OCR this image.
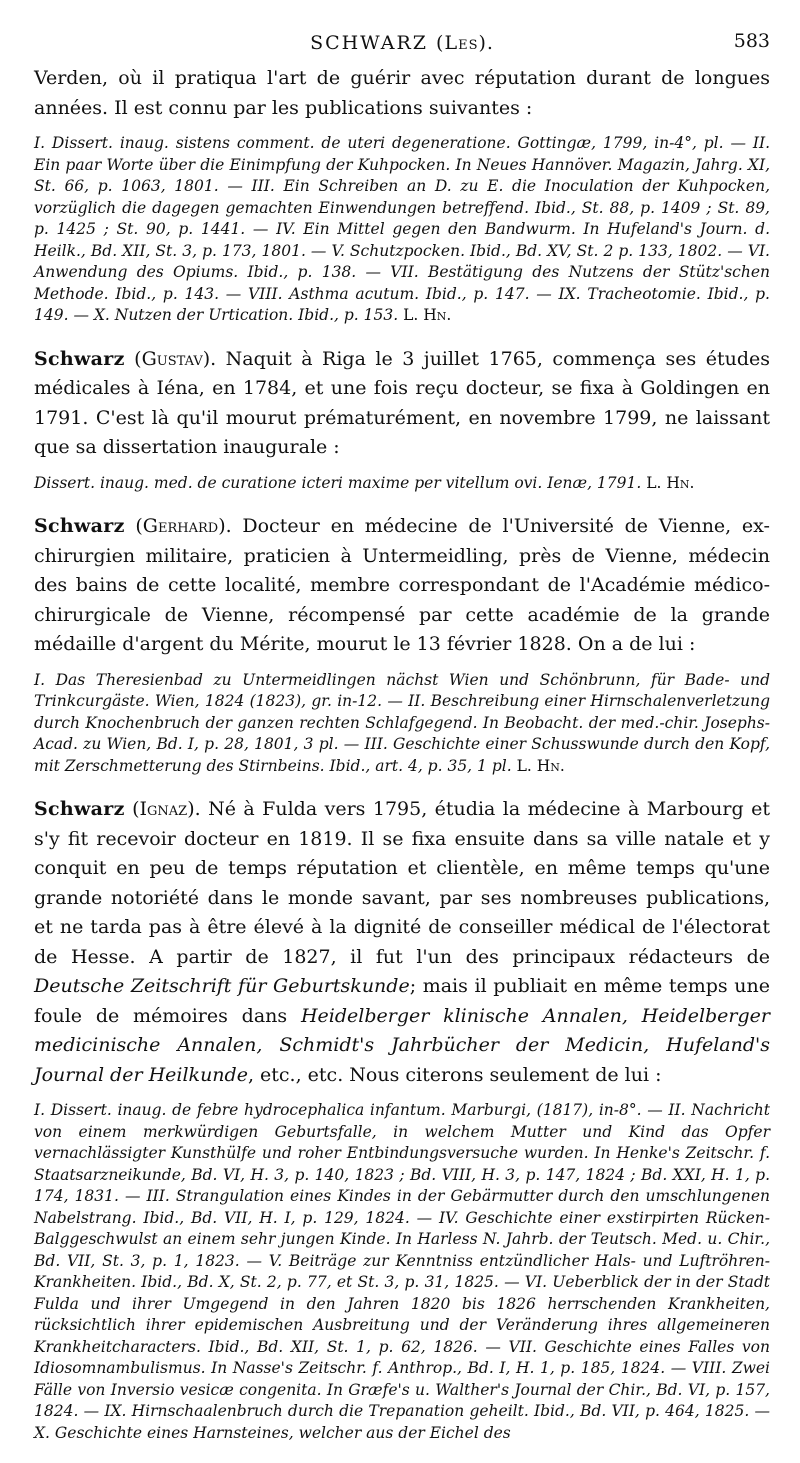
SCHWARZ (Les).	583

Verden, où il pratiqua l'art de guérir avec réputation durant de longues années. Il est connu par les publications suivantes :

I. Dissert. inaug. sistens comment. de uteri degeneratione. Gottingæ, 1799, in-4°, pl. — II. Ein paar Worte über die Einimpfung der Kuhpocken. In Neues Hannöver. Magazin, Jahrg. XI, St. 66, p. 1063, 1801. — III. Ein Schreiben an D. zu E. die Inoculation der Kuhpocken, vorzüglich die dagegen gemachten Einwendungen betreffend. Ibid., St. 88, p. 1409 ; St. 89, p. 1425 ; St. 90, p. 1441. — IV. Ein Mittel gegen den Bandwurm. In Hufeland's Journ. d. Heilk., Bd. XII, St. 3, p. 173, 1801. — V. Schutzpocken. Ibid., Bd. XV, St. 2 p. 133, 1802. — VI. Anwendung des Opiums. Ibid., p. 138. — VII. Bestätigung des Nutzens der Stütz'schen Methode. Ibid., p. 143. — VIII. Asthma acutum. Ibid., p. 147. — IX. Tracheotomie. Ibid., p. 149. — X. Nutzen der Urtication. Ibid., p. 153. L. Hn.

Schwarz (Gustav). Naquit à Riga le 3 juillet 1765, commença ses études médicales à Iéna, en 1784, et une fois reçu docteur, se fixa à Goldingen en 1791. C'est là qu'il mourut prématurément, en novembre 1799, ne laissant que sa dissertation inaugurale :

Dissert. inaug. med. de curatione icteri maxime per vitellum ovi. Ienæ, 1791. L. Hn.

Schwarz (Gerhard). Docteur en médecine de l'Université de Vienne, ex-chirurgien militaire, praticien à Untermeidling, près de Vienne, médecin des bains de cette localité, membre correspondant de l'Académie médico-chirurgicale de Vienne, récompensé par cette académie de la grande médaille d'argent du Mérite, mourut le 13 février 1828. On a de lui :

I. Das Theresienbad zu Untermeidlingen nächst Wien und Schönbrunn, für Bade- und Trinkcurgäste. Wien, 1824 (1823), gr. in-12. — II. Beschreibung einer Hirnschalenverletzung durch Knochenbruch der ganzen rechten Schlafgegend. In Beobacht. der med.-chir. Josephs-Acad. zu Wien, Bd. I, p. 28, 1801, 3 pl. — III. Geschichte einer Schusswunde durch den Kopf, mit Zerschmetterung des Stirnbeins. Ibid., art. 4, p. 35, 1 pl. L. Hn.

Schwarz (Ignaz). Né à Fulda vers 1795, étudia la médecine à Marbourg et s'y fit recevoir docteur en 1819. Il se fixa ensuite dans sa ville natale et y conquit en peu de temps réputation et clientèle, en même temps qu'une grande notoriété dans le monde savant, par ses nombreuses publications, et ne tarda pas à être élevé à la dignité de conseiller médical de l'électorat de Hesse. A partir de 1827, il fut l'un des principaux rédacteurs de Deutsche Zeitschrift für Geburtskunde; mais il publiait en même temps une foule de mémoires dans Heidelberger klinische Annalen, Heidelberger medicinische Annalen, Schmidt's Jahrbücher der Medicin, Hufeland's Journal der Heilkunde, etc., etc. Nous citerons seulement de lui :

I. Dissert. inaug. de febre hydrocephalica infantum. Marburgi, (1817), in-8°. — II. Nachricht von einem merkwürdigen Geburtsfalle, in welchem Mutter und Kind das Opfer vernachlässigter Kunsthülfe und roher Entbindungsversuche wurden. In Henke's Zeitschr. f. Staatsarzneikunde, Bd. VI, H. 3, p. 140, 1823 ; Bd. VIII, H. 3, p. 147, 1824 ; Bd. XXI, H. 1, p. 174, 1831. — III. Strangulation eines Kindes in der Gebärmutter durch den umschlungenen Nabelstrang. Ibid., Bd. VII, H. I, p. 129, 1824. — IV. Geschichte einer exstirpirten Rücken-Balggeschwulst an einem sehr jungen Kinde. In Harless N. Jahrb. der Teutsch. Med. u. Chir., Bd. VII, St. 3, p. 1, 1823. — V. Beiträge zur Kenntniss entzündlicher Hals- und Luftröhren-Krankheiten. Ibid., Bd. X, St. 2, p. 77, et St. 3, p. 31, 1825. — VI. Ueberblick der in der Stadt Fulda und ihrer Umgegend in den Jahren 1820 bis 1826 herrschenden Krankheiten, rücksichtlich ihrer epidemischen Ausbreitung und der Veränderung ihres allgemeineren Krankheitcharacters. Ibid., Bd. XII, St. 1, p. 62, 1826. — VII. Geschichte eines Falles von Idiosomnambulismus. In Nasse's Zeitschr. f. Anthrop., Bd. I, H. 1, p. 185, 1824. — VIII. Zwei Fälle von Inversio vesicæ congenita. In Græfe's u. Walther's Journal der Chir., Bd. VI, p. 157, 1824. — IX. Hirnschaalenbruch durch die Trepanation geheilt. Ibid., Bd. VII, p. 464, 1825. — X. Geschichte eines Harnsteines, welcher aus der Eichel des
